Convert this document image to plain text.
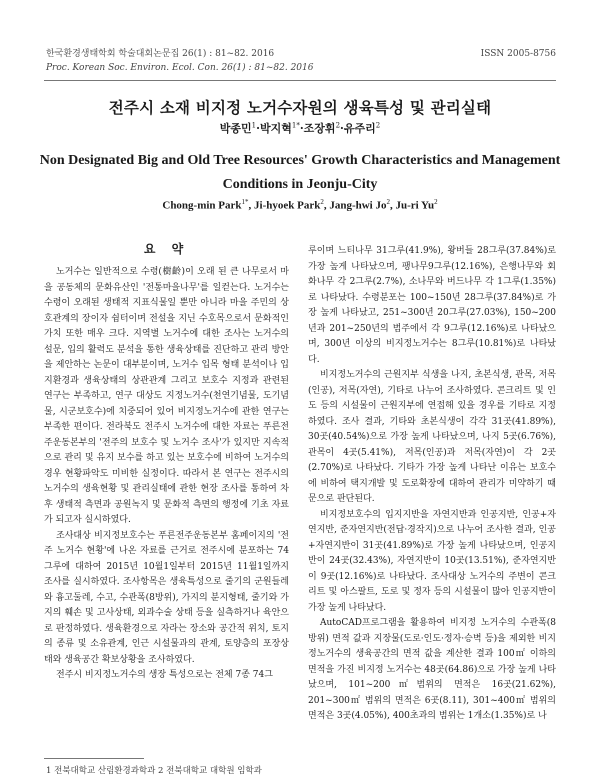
한국환경생태학회 학술대회논문집 26(1) : 81~82. 2016
Proc. Korean Soc. Environ. Ecol. Con. 26(1) : 81~82. 2016
ISSN 2005-8756
전주시 소재 비지정 노거수자원의 생육특성 및 관리실태
박종민$^1$·박지혁$^{1*}$·조장휘$^2$·유주리$^2$
Non Designated Big and Old Tree Resources' Growth Characteristics and Management
Conditions in Jeonju-City
Chong-min Park$^{1*}$, Ji-hyoek Park$^2$, Jang-hwi Jo$^2$, Ju-ri Yu$^2$
요 약

노거수는 일반적으로 수령(樹齡)이 오래 된 큰 나무로서 마을 공동체의 문화유산인 '전통마을나무'를 일컫는다. 노거수는 수령이 오래된 생태적 지표식물일 뿐만 아니라 마을 주민의 상호관계의 장이자 쉼터이며 전설을 지닌 수호목으로서 문화적인 가치 또한 매우 크다. 지역별 노거수에 대한 조사는 노거수의 설문, 입의 활력도 분석을 통한 생육상태를 진단하고 관리 방안을 제안하는 논문이 대부분이며, 노거수 입목 형태 분석이나 입지환경과 생육상태의 상관관계 그리고 보호수 지정과 관련된 연구는 부족하고, 연구 대상도 지정노거수(천연기념물, 도기념물, 시군보호수)에 치중되어 있어 비지정노거수에 관한 연구는 부족한 편이다. 전라북도 전주시 노거수에 대한 자료는 푸른전주운동본부의 '전주의 보호수 및 노거수 조사'가 있지만 지속적으로 관리 및 유지 보수를 하고 있는 보호수에 비하여 노거수의 경우 현황파악도 미비한 실정이다. 따라서 본 연구는 전주시의 노거수의 생육현황 및 관리실태에 관한 현장 조사를 통하여 차후 생태적 측면과 공원녹지 및 문화적 측면의 행정에 기초 자료가 되고자 실시하였다.

조사대상 비지정보호수는 푸른전주운동본부 홈페이지의 '전주 노거수 현황'에 나온 자료를 근거로 전주시에 분포하는 74그루에 대하여 2015년 10월1일부터 2015년 11월1일까지 조사를 실시하였다. 조사항목은 생육특성으로 줄기의 군원들레와 흉고둘레, 수고, 수관폭(8방위), 가지의 분지형태, 줄기와 가지의 훼손 및 고사상태, 외과수술 상태 등을 실측하거나 육안으로 판정하였다. 생육환경으로 자라는 장소와 공간적 위치, 토지의 종류 및 소유관계, 인근 시설물과의 관계, 토양층의 포장상태와 생육공간 확보상황을 조사하였다.

전주시 비지정노거수의 생장 특성으로는 전체 7종 74그

루이며 느티나무 31그루(41.9%), 왕버들 28그루(37.84%)로 가장 높게 나타났으며, 팽나무9그루(12.16%), 은행나무와 회화나무 각 2그루(2.7%), 소나무와 버드나무 각 1그루(1.35%)로 나타났다. 수령분포는 100~150년 28그루(37.84%)로 가장 높게 나타났고, 251~300년 20그루(27.03%), 150~200년과 201~250년의 범주에서 각 9그루(12.16%)로 나타났으며, 300년 이상의 비지정노거수는 8그루(10.81%)로 나타났다.

비지정노거수의 근원지부 식생을 나지, 초본식생, 관목, 저목(인공), 저목(자연), 기타로 나누어 조사하였다. 콘크리트 및 인도 등의 시설물이 근원지부에 연접해 있을 경우를 기타로 지정하였다. 조사 결과, 기타와 초본식생이 각각 31곳(41.89%), 30곳(40.54%)으로 가장 높게 나타났으며, 나지 5곳(6.76%), 관목이 4곳(5.41%), 저목(인공)과 저목(자연)이 각 2곳(2.70%)로 나타났다. 기타가 가장 높게 나타난 이유는 보호수에 비하여 택지개발 및 도로확장에 대하여 관리가 미약하기 때문으로 판단된다.

비지정보호수의 입지지반을 자연지반과 인공지반, 인공+자연지반, 준자연지반(전답·경작지)으로 나누어 조사한 결과, 인공+자연지반이 31곳(41.89%)로 가장 높게 나타났으며, 인공지반이 24곳(32.43%), 자연지반이 10곳(13.51%), 준자연지반이 9곳(12.16%)로 나타났다. 조사대상 노거수의 주변이 콘크리트 및 아스팔트, 도로 및 정자 등의 시설물이 많아 인공지반이 가장 높게 나타났다.

AutoCAD프로그램을 활용하여 비지정 노거수의 수관폭(8방위) 면적 값과 지장물(도로·인도·정자·승벽 등)을 제외한 비지정노거수의 생육공간의 면적 값을 계산한 결과 100㎡ 이하의 면적을 가진 비지정 노거수는 48곳(64.86)으로 가장 높게 나타났으며, 101~200㎡범위의 면적은 16곳(21.62%), 201~300㎡ 범위의 면적은 6곳(8.11), 301~400㎡ 범위의 면적은 3곳(4.05%), 400초과의 범위는 1개소(1.35%)로 나

1 전북대학교 산림환경과학과 2 전북대학교 대학원 임학과
